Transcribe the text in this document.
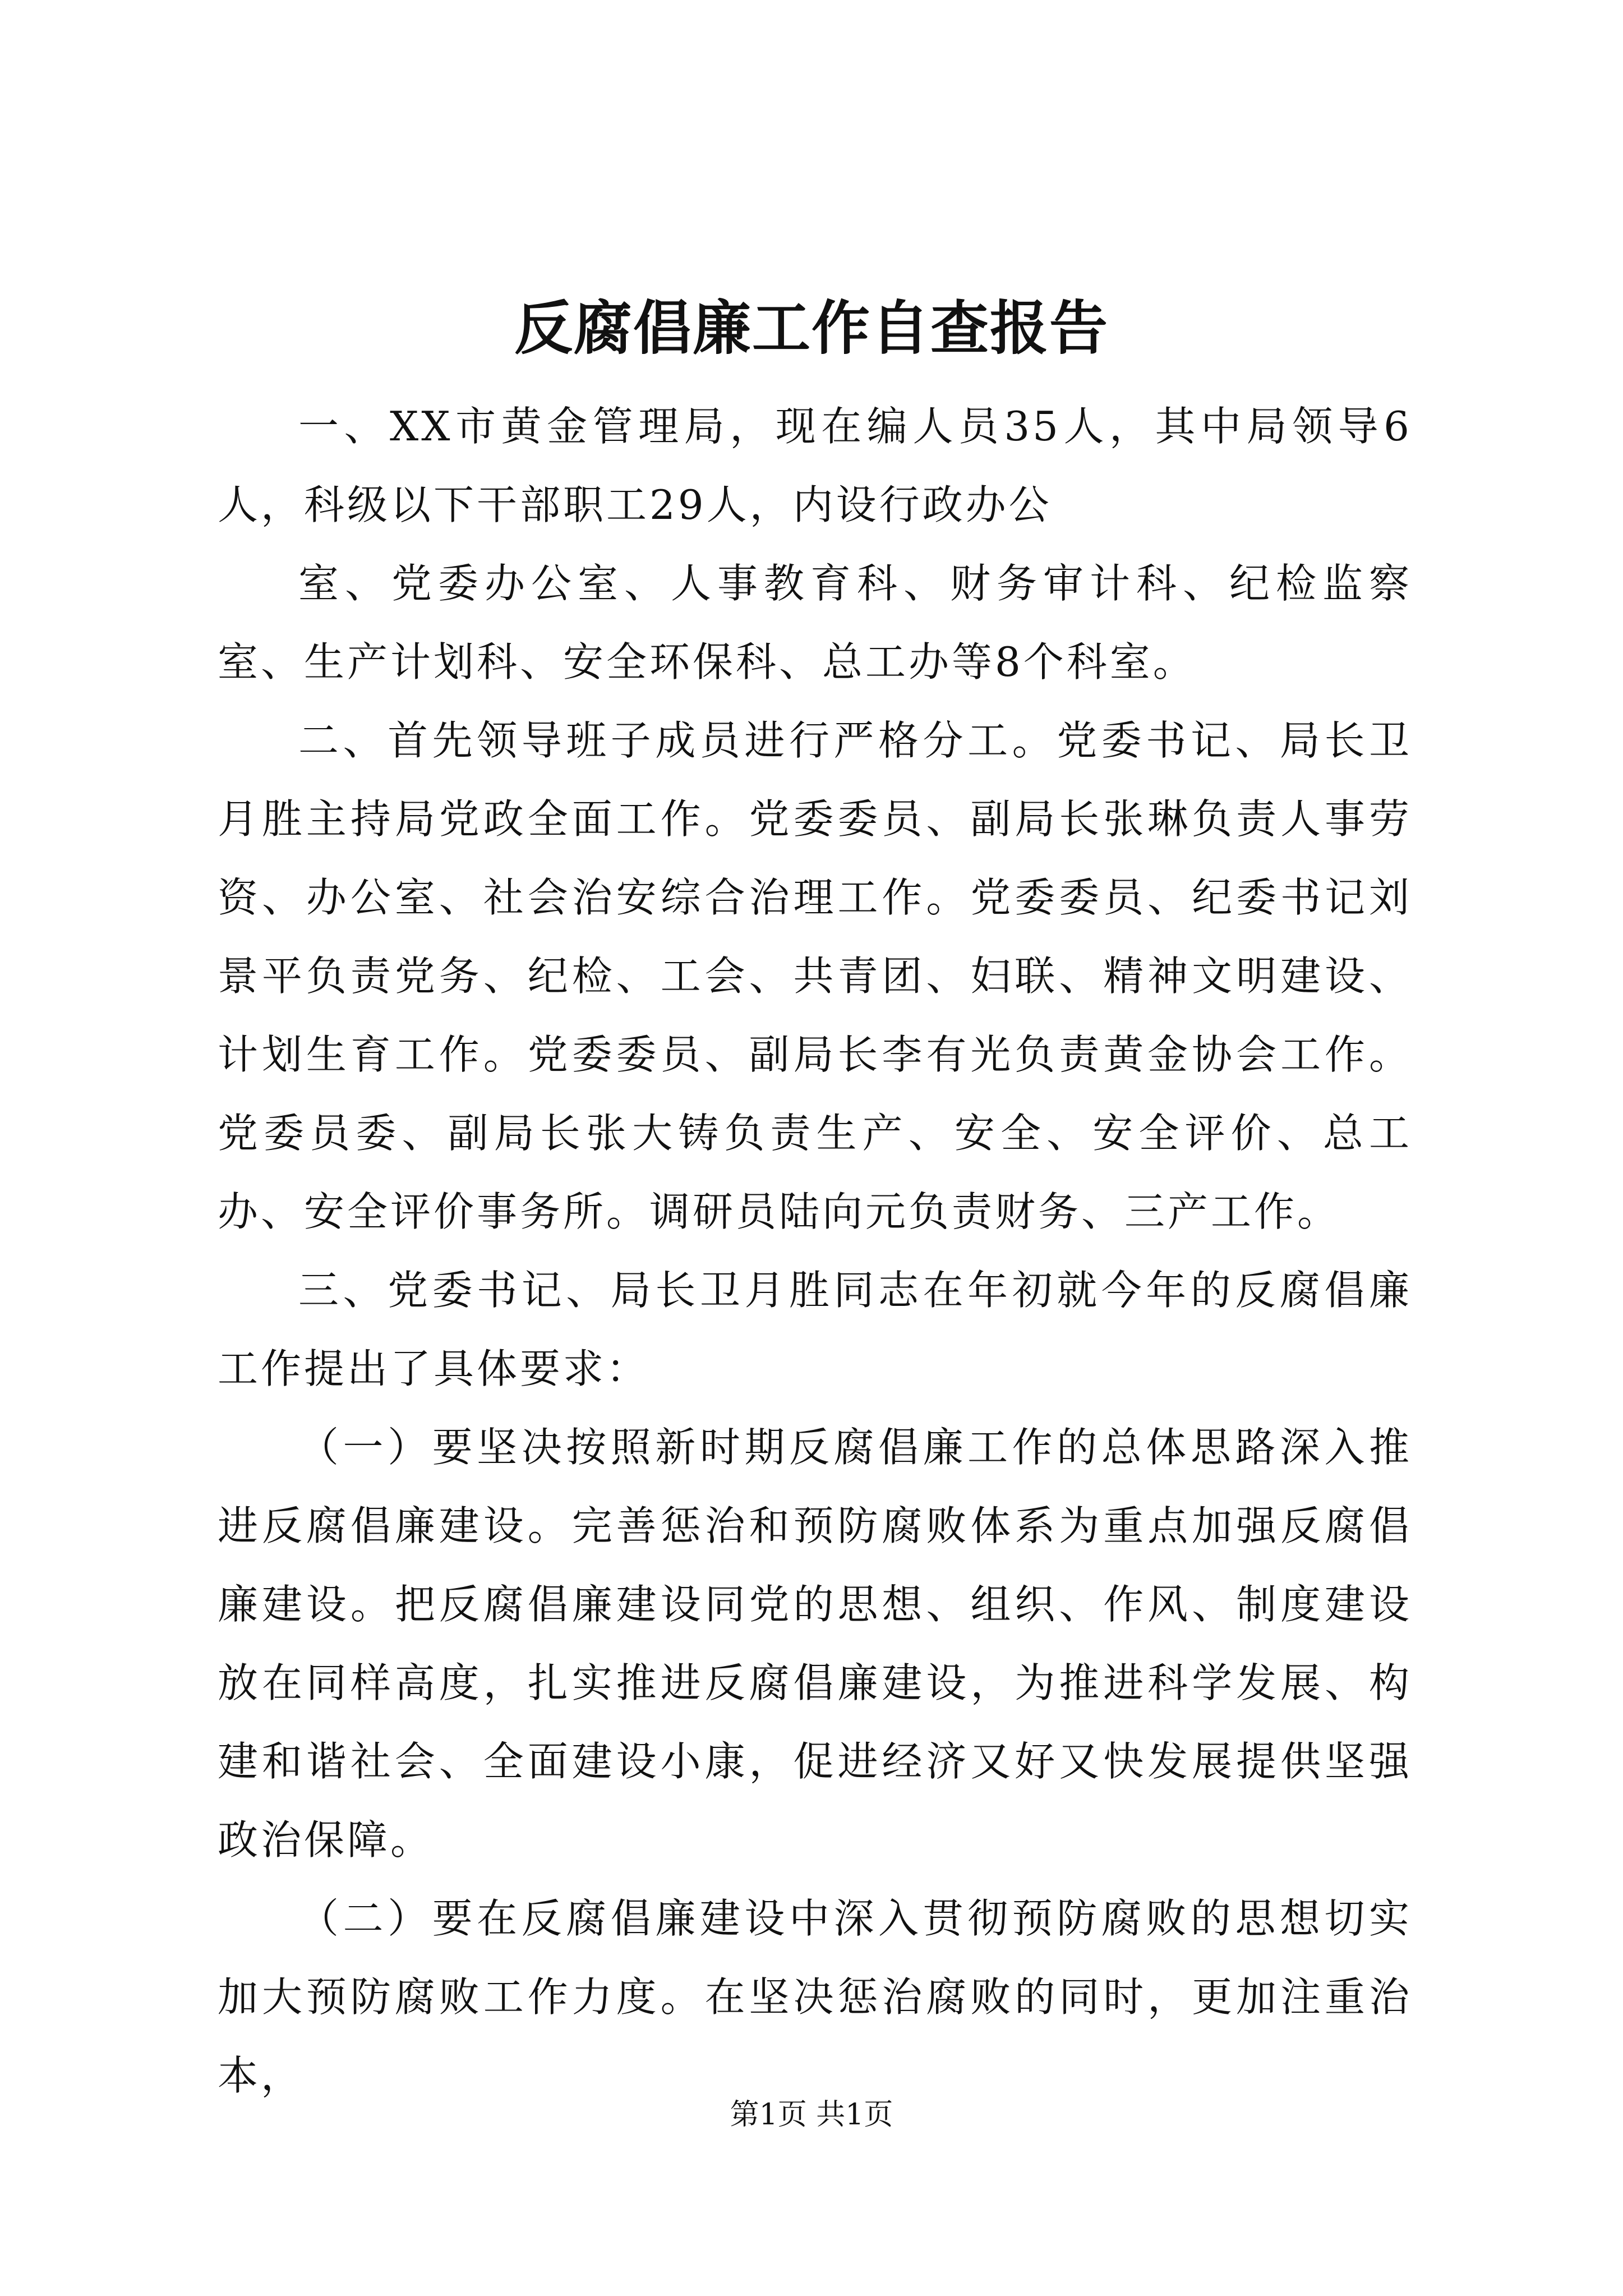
反腐倡廉工作自查报告

一、XX市黄金管理局，现在编人员35人，其中局领导6人，科级以下干部职工29人，内设行政办公

室、党委办公室、人事教育科、财务审计科、纪检监察室、生产计划科、安全环保科、总工办等8个科室。

二、首先领导班子成员进行严格分工。党委书记、局长卫月胜主持局党政全面工作。党委委员、副局长张琳负责人事劳资、办公室、社会治安综合治理工作。党委委员、纪委书记刘景平负责党务、纪检、工会、共青团、妇联、精神文明建设、计划生育工作。党委委员、副局长李有光负责黄金协会工作。党委员委、副局长张大铸负责生产、安全、安全评价、总工办、安全评价事务所。调研员陆向元负责财务、三产工作。

三、党委书记、局长卫月胜同志在年初就今年的反腐倡廉工作提出了具体要求：

（一）要坚决按照新时期反腐倡廉工作的总体思路深入推进反腐倡廉建设。完善惩治和预防腐败体系为重点加强反腐倡廉建设。把反腐倡廉建设同党的思想、组织、作风、制度建设放在同样高度，扎实推进反腐倡廉建设，为推进科学发展、构建和谐社会、全面建设小康，促进经济又好又快发展提供坚强政治保障。

（二）要在反腐倡廉建设中深入贯彻预防腐败的思想切实加大预防腐败工作力度。在坚决惩治腐败的同时，更加注重治本，

第1页 共1页
